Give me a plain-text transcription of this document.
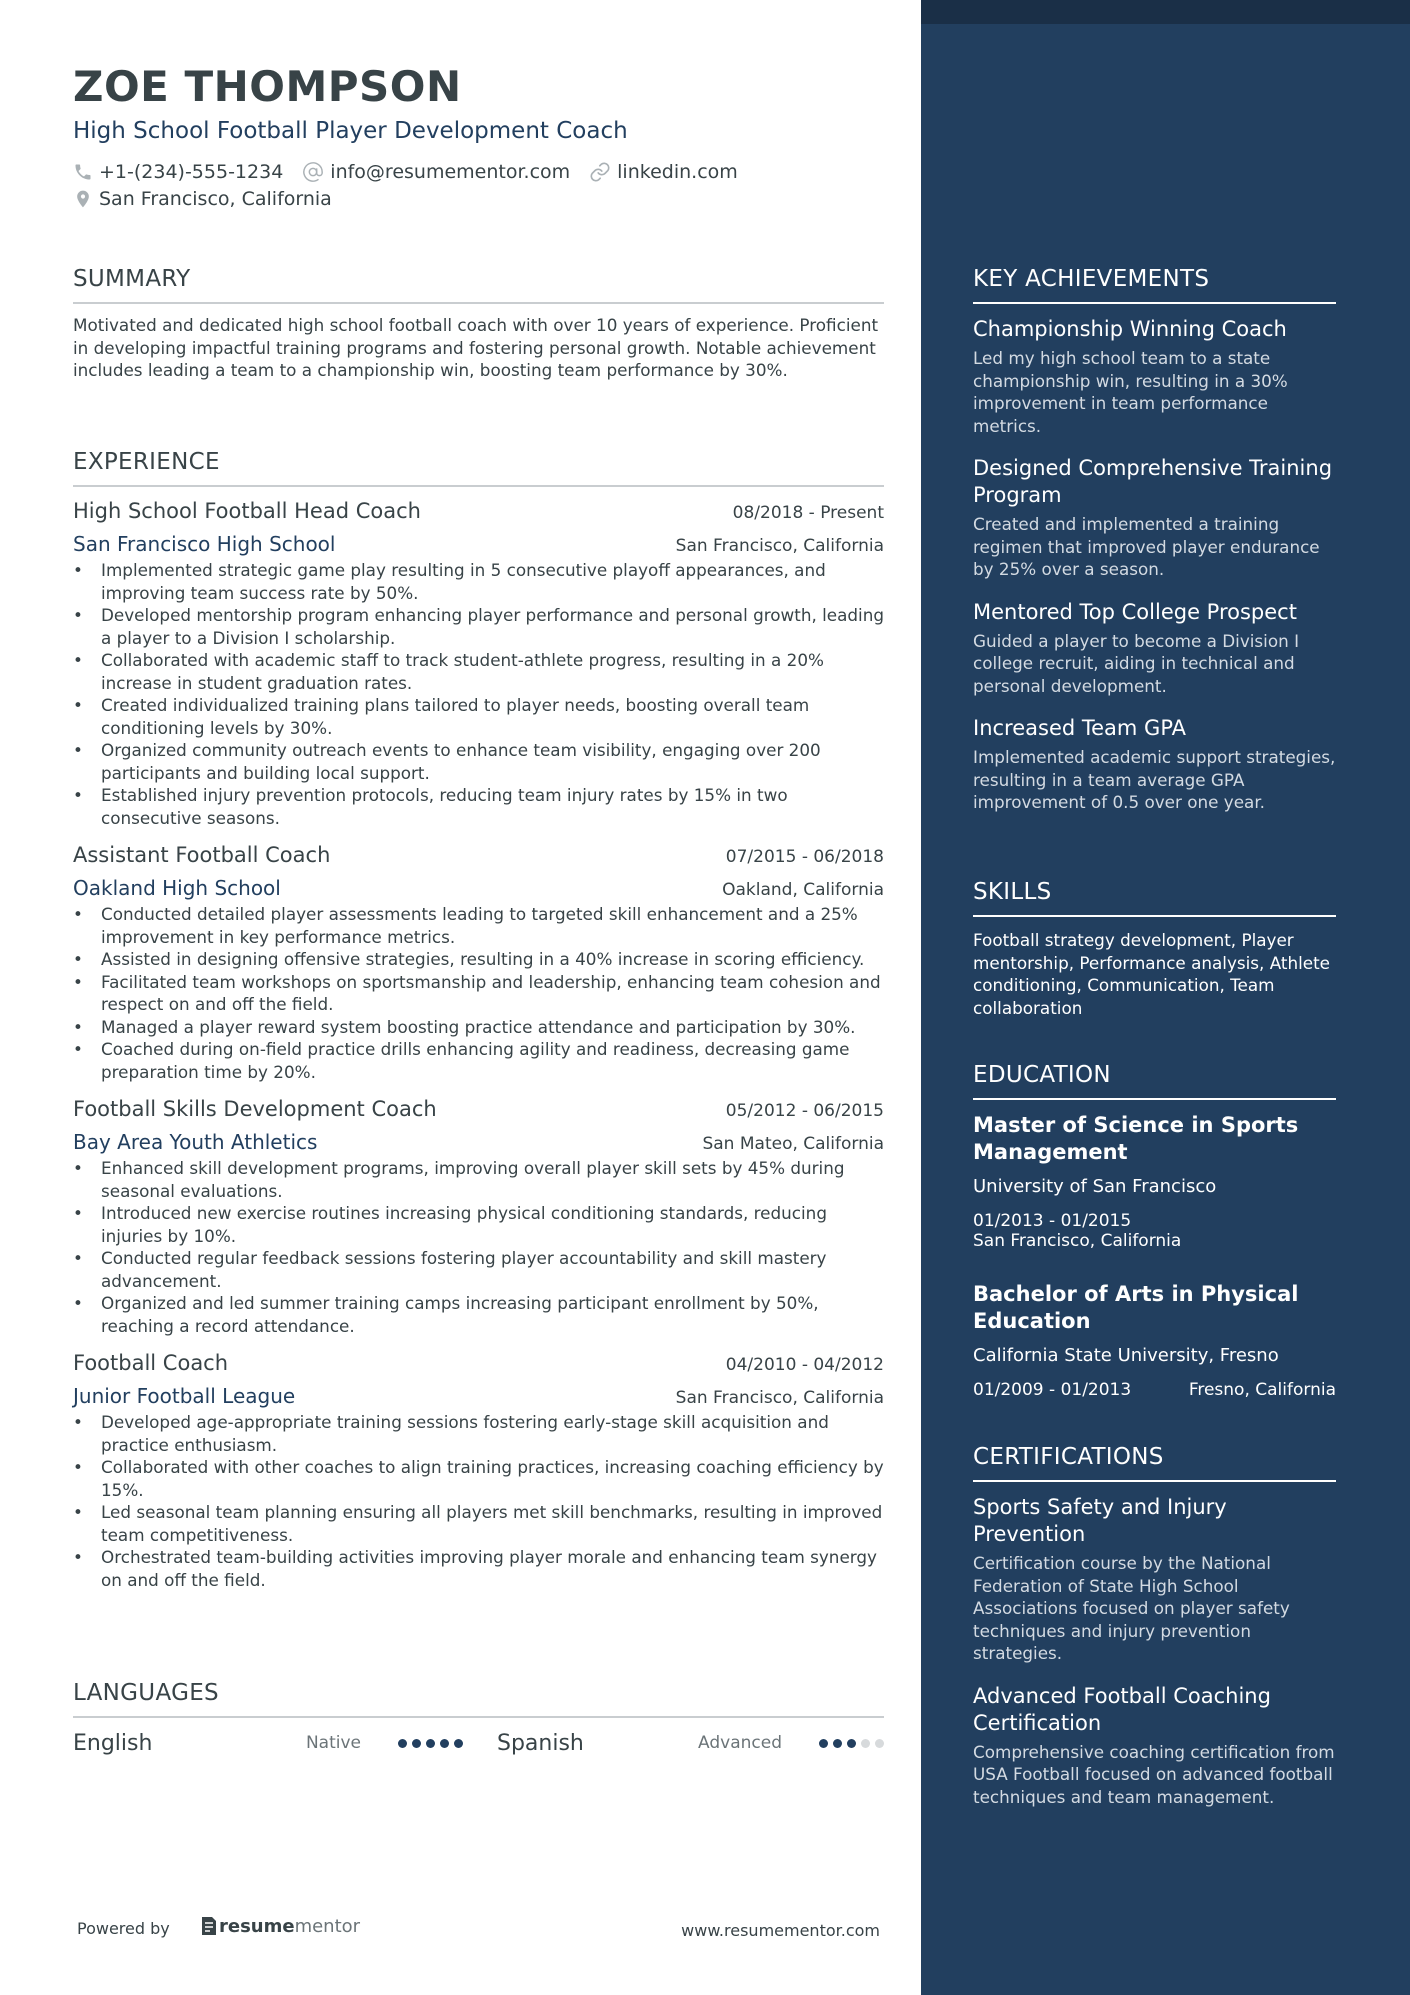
ZOE THOMPSON
High School Football Player Development Coach
+1-(234)-555-1234 info@resumementor.com linkedin.com
San Francisco, California
SUMMARY
Motivated and dedicated high school football coach with over 10 years of experience. Proficient in developing impactful training programs and fostering personal growth. Notable achievement includes leading a team to a championship win, boosting team performance by 30%.
EXPERIENCE
High School Football Head Coach	08/2018 - Present
San Francisco High School	San Francisco, California
• Implemented strategic game play resulting in 5 consecutive playoff appearances, and improving team success rate by 50%.
• Developed mentorship program enhancing player performance and personal growth, leading a player to a Division I scholarship.
• Collaborated with academic staff to track student-athlete progress, resulting in a 20% increase in student graduation rates.
• Created individualized training plans tailored to player needs, boosting overall team conditioning levels by 30%.
• Organized community outreach events to enhance team visibility, engaging over 200 participants and building local support.
• Established injury prevention protocols, reducing team injury rates by 15% in two consecutive seasons.
Assistant Football Coach	07/2015 - 06/2018
Oakland High School	Oakland, California
• Conducted detailed player assessments leading to targeted skill enhancement and a 25% improvement in key performance metrics.
• Assisted in designing offensive strategies, resulting in a 40% increase in scoring efficiency.
• Facilitated team workshops on sportsmanship and leadership, enhancing team cohesion and respect on and off the field.
• Managed a player reward system boosting practice attendance and participation by 30%.
• Coached during on-field practice drills enhancing agility and readiness, decreasing game preparation time by 20%.
Football Skills Development Coach	05/2012 - 06/2015
Bay Area Youth Athletics	San Mateo, California
• Enhanced skill development programs, improving overall player skill sets by 45% during seasonal evaluations.
• Introduced new exercise routines increasing physical conditioning standards, reducing injuries by 10%.
• Conducted regular feedback sessions fostering player accountability and skill mastery advancement.
• Organized and led summer training camps increasing participant enrollment by 50%, reaching a record attendance.
Football Coach	04/2010 - 04/2012
Junior Football League	San Francisco, California
• Developed age-appropriate training sessions fostering early-stage skill acquisition and practice enthusiasm.
• Collaborated with other coaches to align training practices, increasing coaching efficiency by 15%.
• Led seasonal team planning ensuring all players met skill benchmarks, resulting in improved team competitiveness.
• Orchestrated team-building activities improving player morale and enhancing team synergy on and off the field.
LANGUAGES
English	Native	Spanish	Advanced
Powered by	resume mentor	www.resumementor.com
KEY ACHIEVEMENTS
Championship Winning Coach
Led my high school team to a state championship win, resulting in a 30% improvement in team performance metrics.
Designed Comprehensive Training Program
Created and implemented a training regimen that improved player endurance by 25% over a season.
Mentored Top College Prospect
Guided a player to become a Division I college recruit, aiding in technical and personal development.
Increased Team GPA
Implemented academic support strategies, resulting in a team average GPA improvement of 0.5 over one year.
SKILLS
Football strategy development, Player mentorship, Performance analysis, Athlete conditioning, Communication, Team collaboration
EDUCATION
Master of Science in Sports Management
University of San Francisco
01/2013 - 01/2015
San Francisco, California
Bachelor of Arts in Physical Education
California State University, Fresno
01/2009 - 01/2013	Fresno, California
CERTIFICATIONS
Sports Safety and Injury Prevention
Certification course by the National Federation of State High School Associations focused on player safety techniques and injury prevention strategies.
Advanced Football Coaching Certification
Comprehensive coaching certification from USA Football focused on advanced football techniques and team management.
